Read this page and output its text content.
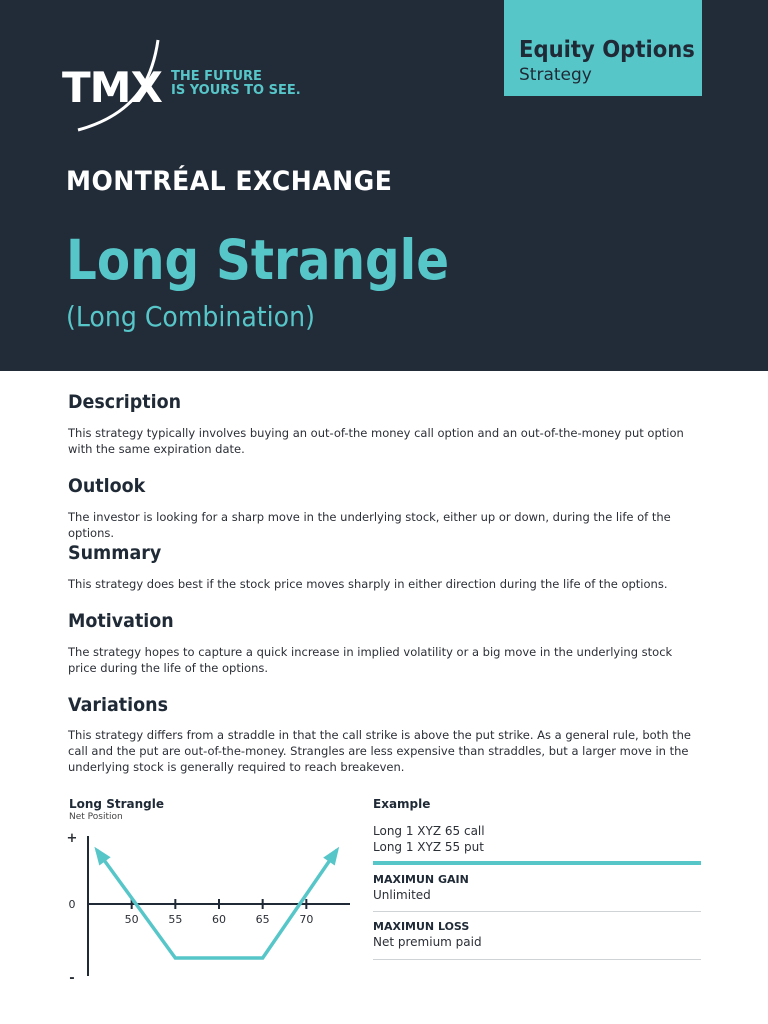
Equity Options
Strategy
TMX THE FUTURE
IS YOURS TO SEE.
MONTRÉAL EXCHANGE
Long Strangle
(Long Combination)
Description
This strategy typically involves buying an out-of-the money call option and an out-of-the-money put option with the same expiration date.
Outlook
The investor is looking for a sharp move in the underlying stock, either up or down, during the life of the options.
Summary
This strategy does best if the stock price moves sharply in either direction during the life of the options.
Motivation
The strategy hopes to capture a quick increase in implied volatility or a big move in the underlying stock price during the life of the options.
Variations
This strategy differs from a straddle in that the call strike is above the put strike. As a general rule, both the call and the put are out-of-the-money. Strangles are less expensive than straddles, but a larger move in the underlying stock is generally required to reach breakeven.
Long Strangle
Net Position
50	55	60	65	70
+
0
-
Example
Long 1 XYZ 65 call
Long 1 XYZ 55 put
MAXIMUN GAIN
Unlimited
MAXIMUN LOSS
Net premium paid
